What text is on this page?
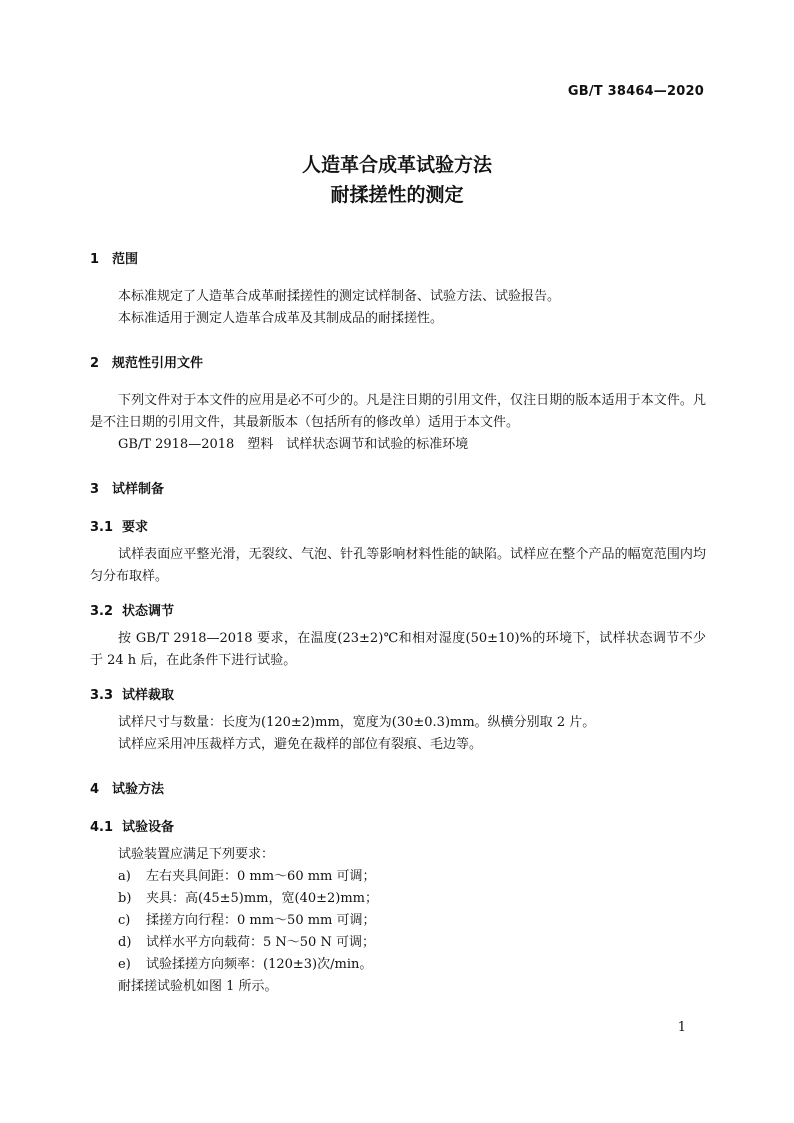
GB/T 38464—2020
人造革合成革试验方法
耐揉搓性的测定
1 范围
本标准规定了人造革合成革耐揉搓性的测定试样制备、试验方法、试验报告。
本标准适用于测定人造革合成革及其制成品的耐揉搓性。
2 规范性引用文件
下列文件对于本文件的应用是必不可少的。凡是注日期的引用文件，仅注日期的版本适用于本文件。凡是不注日期的引用文件，其最新版本（包括所有的修改单）适用于本文件。
GB/T 2918—2018　塑料　试样状态调节和试验的标准环境
3 试样制备
3.1 要求
试样表面应平整光滑，无裂纹、气泡、针孔等影响材料性能的缺陷。试样应在整个产品的幅宽范围内均匀分布取样。
3.2 状态调节
按 GB/T 2918—2018 要求，在温度(23±2)℃和相对湿度(50±10)%的环境下，试样状态调节不少于 24 h 后，在此条件下进行试验。
3.3 试样裁取
试样尺寸与数量：长度为(120±2)mm，宽度为(30±0.3)mm。纵横分别取 2 片。
试样应采用冲压裁样方式，避免在裁样的部位有裂痕、毛边等。
4 试验方法
4.1 试验设备
试验装置应满足下列要求：
a) 左右夹具间距：0 mm～60 mm 可调；
b) 夹具：高(45±5)mm，宽(40±2)mm；
c) 揉搓方向行程：0 mm～50 mm 可调；
d) 试样水平方向载荷：5 N～50 N 可调；
e) 试验揉搓方向频率：(120±3)次/min。
耐揉搓试验机如图 1 所示。
1
